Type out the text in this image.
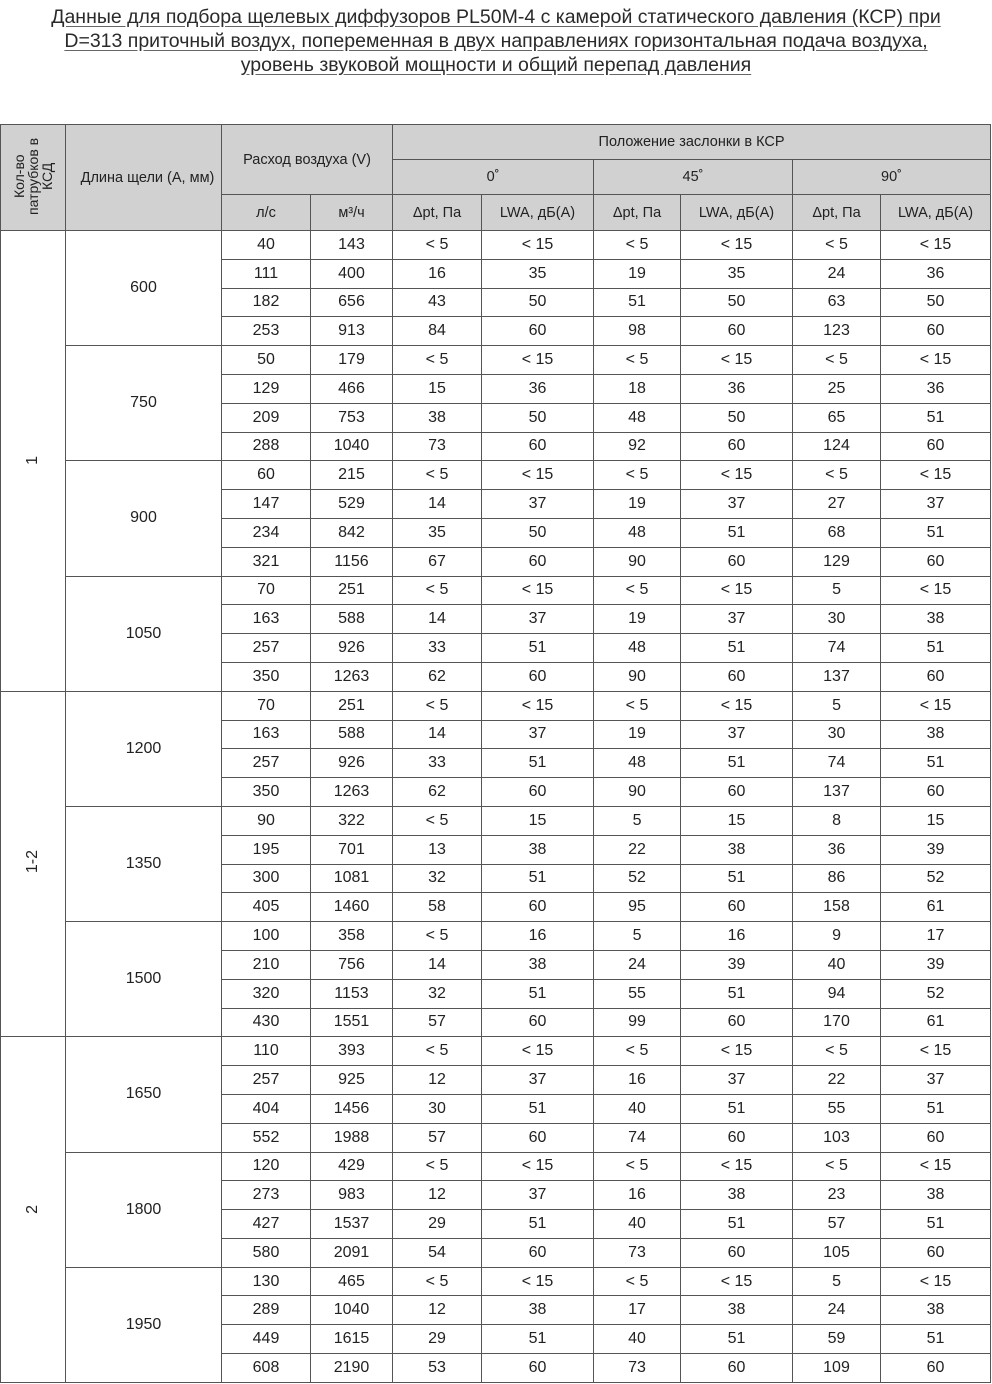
Данные для подбора щелевых диффузоров PL50M-4 с камерой статического давления (КСР) при
D=313 приточный воздух, попеременная в двух направлениях горизонтальная подача воздуха,
уровень звуковой мощности и общий перепад давления
Кол-во патрубков в КСД	Длина щели (А, мм)	Расход воздуха (V)		Положение заслонки в КСР					
				0˚		45˚		90˚	
		л/с	м³/ч	Δpt, Па	LWA, дБ(А)	Δpt, Па	LWA, дБ(А)	Δpt, Па	LWA, дБ(А)
1	600	40	143	< 5	< 15	< 5	< 15	< 5	< 15
		111	400	16	35	19	35	24	36
		182	656	43	50	51	50	63	50
		253	913	84	60	98	60	123	60
	750	50	179	< 5	< 15	< 5	< 15	< 5	< 15
		129	466	15	36	18	36	25	36
		209	753	38	50	48	50	65	51
		288	1040	73	60	92	60	124	60
	900	60	215	< 5	< 15	< 5	< 15	< 5	< 15
		147	529	14	37	19	37	27	37
		234	842	35	50	48	51	68	51
		321	1156	67	60	90	60	129	60
	1050	70	251	< 5	< 15	< 5	< 15	5	< 15
		163	588	14	37	19	37	30	38
		257	926	33	51	48	51	74	51
		350	1263	62	60	90	60	137	60
1-2	1200	70	251	< 5	< 15	< 5	< 15	5	< 15
		163	588	14	37	19	37	30	38
		257	926	33	51	48	51	74	51
		350	1263	62	60	90	60	137	60
	1350	90	322	< 5	15	5	15	8	15
		195	701	13	38	22	38	36	39
		300	1081	32	51	52	51	86	52
		405	1460	58	60	95	60	158	61
	1500	100	358	< 5	16	5	16	9	17
		210	756	14	38	24	39	40	39
		320	1153	32	51	55	51	94	52
		430	1551	57	60	99	60	170	61
2	1650	110	393	< 5	< 15	< 5	< 15	< 5	< 15
		257	925	12	37	16	37	22	37
		404	1456	30	51	40	51	55	51
		552	1988	57	60	74	60	103	60
	1800	120	429	< 5	< 15	< 5	< 15	< 5	< 15
		273	983	12	37	16	38	23	38
		427	1537	29	51	40	51	57	51
		580	2091	54	60	73	60	105	60
	1950	130	465	< 5	< 15	< 5	< 15	5	< 15
		289	1040	12	38	17	38	24	38
		449	1615	29	51	40	51	59	51
		608	2190	53	60	73	60	109	60
